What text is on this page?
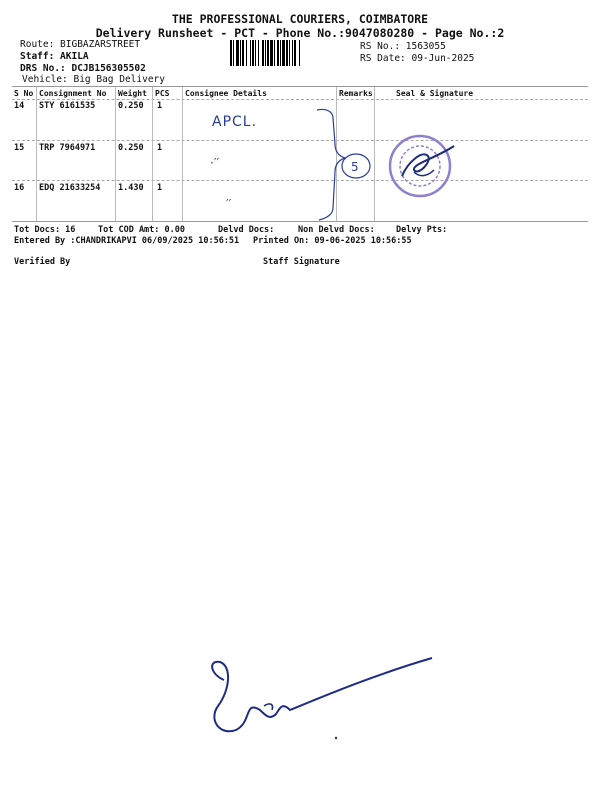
THE PROFESSIONAL COURIERS, COIMBATORE
Delivery Runsheet - PCT - Phone No.:9047080280 - Page No.:2
Route: BIGBAZARSTREET
Staff: AKILA
DRS No.: DCJB156305502
Vehicle: Big Bag Delivery
RS No.: 1563055
RS Date: 09-Jun-2025
S No Consignment No Weight PCS Consignee Details	Remarks	Seal & Signature
14 STY 6161535	0.250 1
APCL.
15 TRP 7964971	0.250 1
·′′
16 EDQ 21633254 1.430 1
′′
5
Tot Docs: 16	Tot COD Amt: 0.00	Delvd Docs:	Non Delvd Docs: Delvy Pts:
Entered By :CHANDRIKAPVI 06/09/2025 10:56:51 Printed On: 09-06-2025 10:56:55
Verified By	Staff Signature
